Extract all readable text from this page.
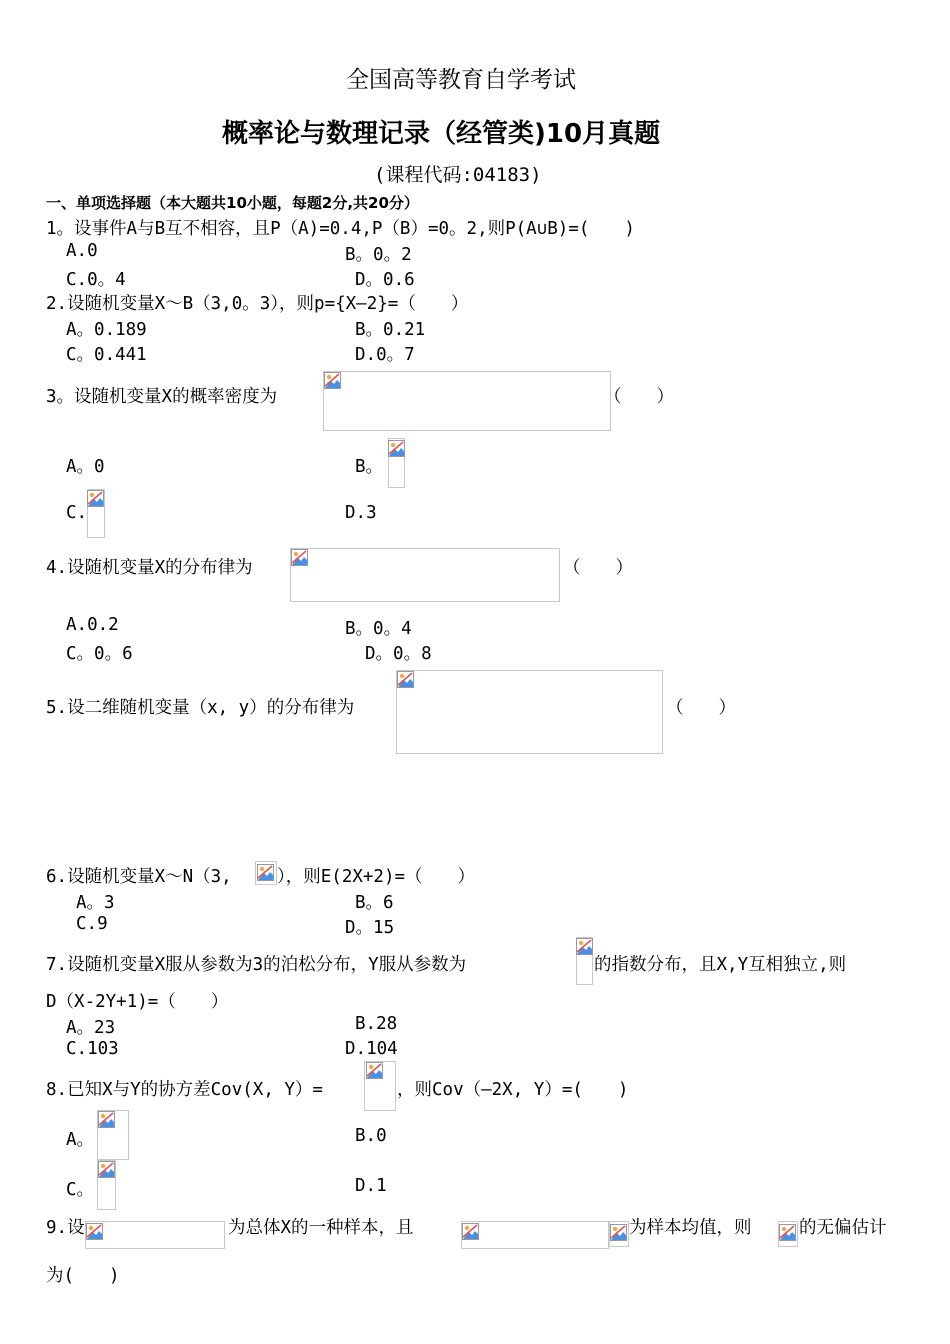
全国高等教育自学考试
概率论与数理记录（经管类)10月真题
(课程代码:04183)
一、单项选择题（本大题共10小题，每题2分,共20分）
1。设事件A与B互不相容，且P（A)=0.4,P（B）=0。2,则P(A∪B)=(　　)
A.0	B。0。2
C.0。4	D。0.6
2.设随机变量X～B（3,0。3），则p={X—2}=（　　）
A。0.189	B。0.21
C。0.441	D.0。7
3。设随机变量X的概率密度为	（　　）
A。0	B。
C.	D.3
4.设随机变量X的分布律为	（　　）
A.0.2	B。0。4
C。0。6	D。0。8
5.设二维随机变量（x, y）的分布律为	（　　）
6.设随机变量X～N（3,	），则E(2X+2)=（　　）
A。3	B。6
C.9	D。15
7.设随机变量X服从参数为3的泊松分布，Y服从参数为	的指数分布，且X,Y互相独立,则
D（X-2Y+1)=（　　）
A。23	B.28
C.103	D.104
8.已知X与Y的协方差Cov(X, Y）=	，则Cov（—2X, Y）=(　　)
A。	B.0
C。	D.1
9.设	为总体X的一种样本，且	为样本均值，则	的无偏估计
为(　　)
